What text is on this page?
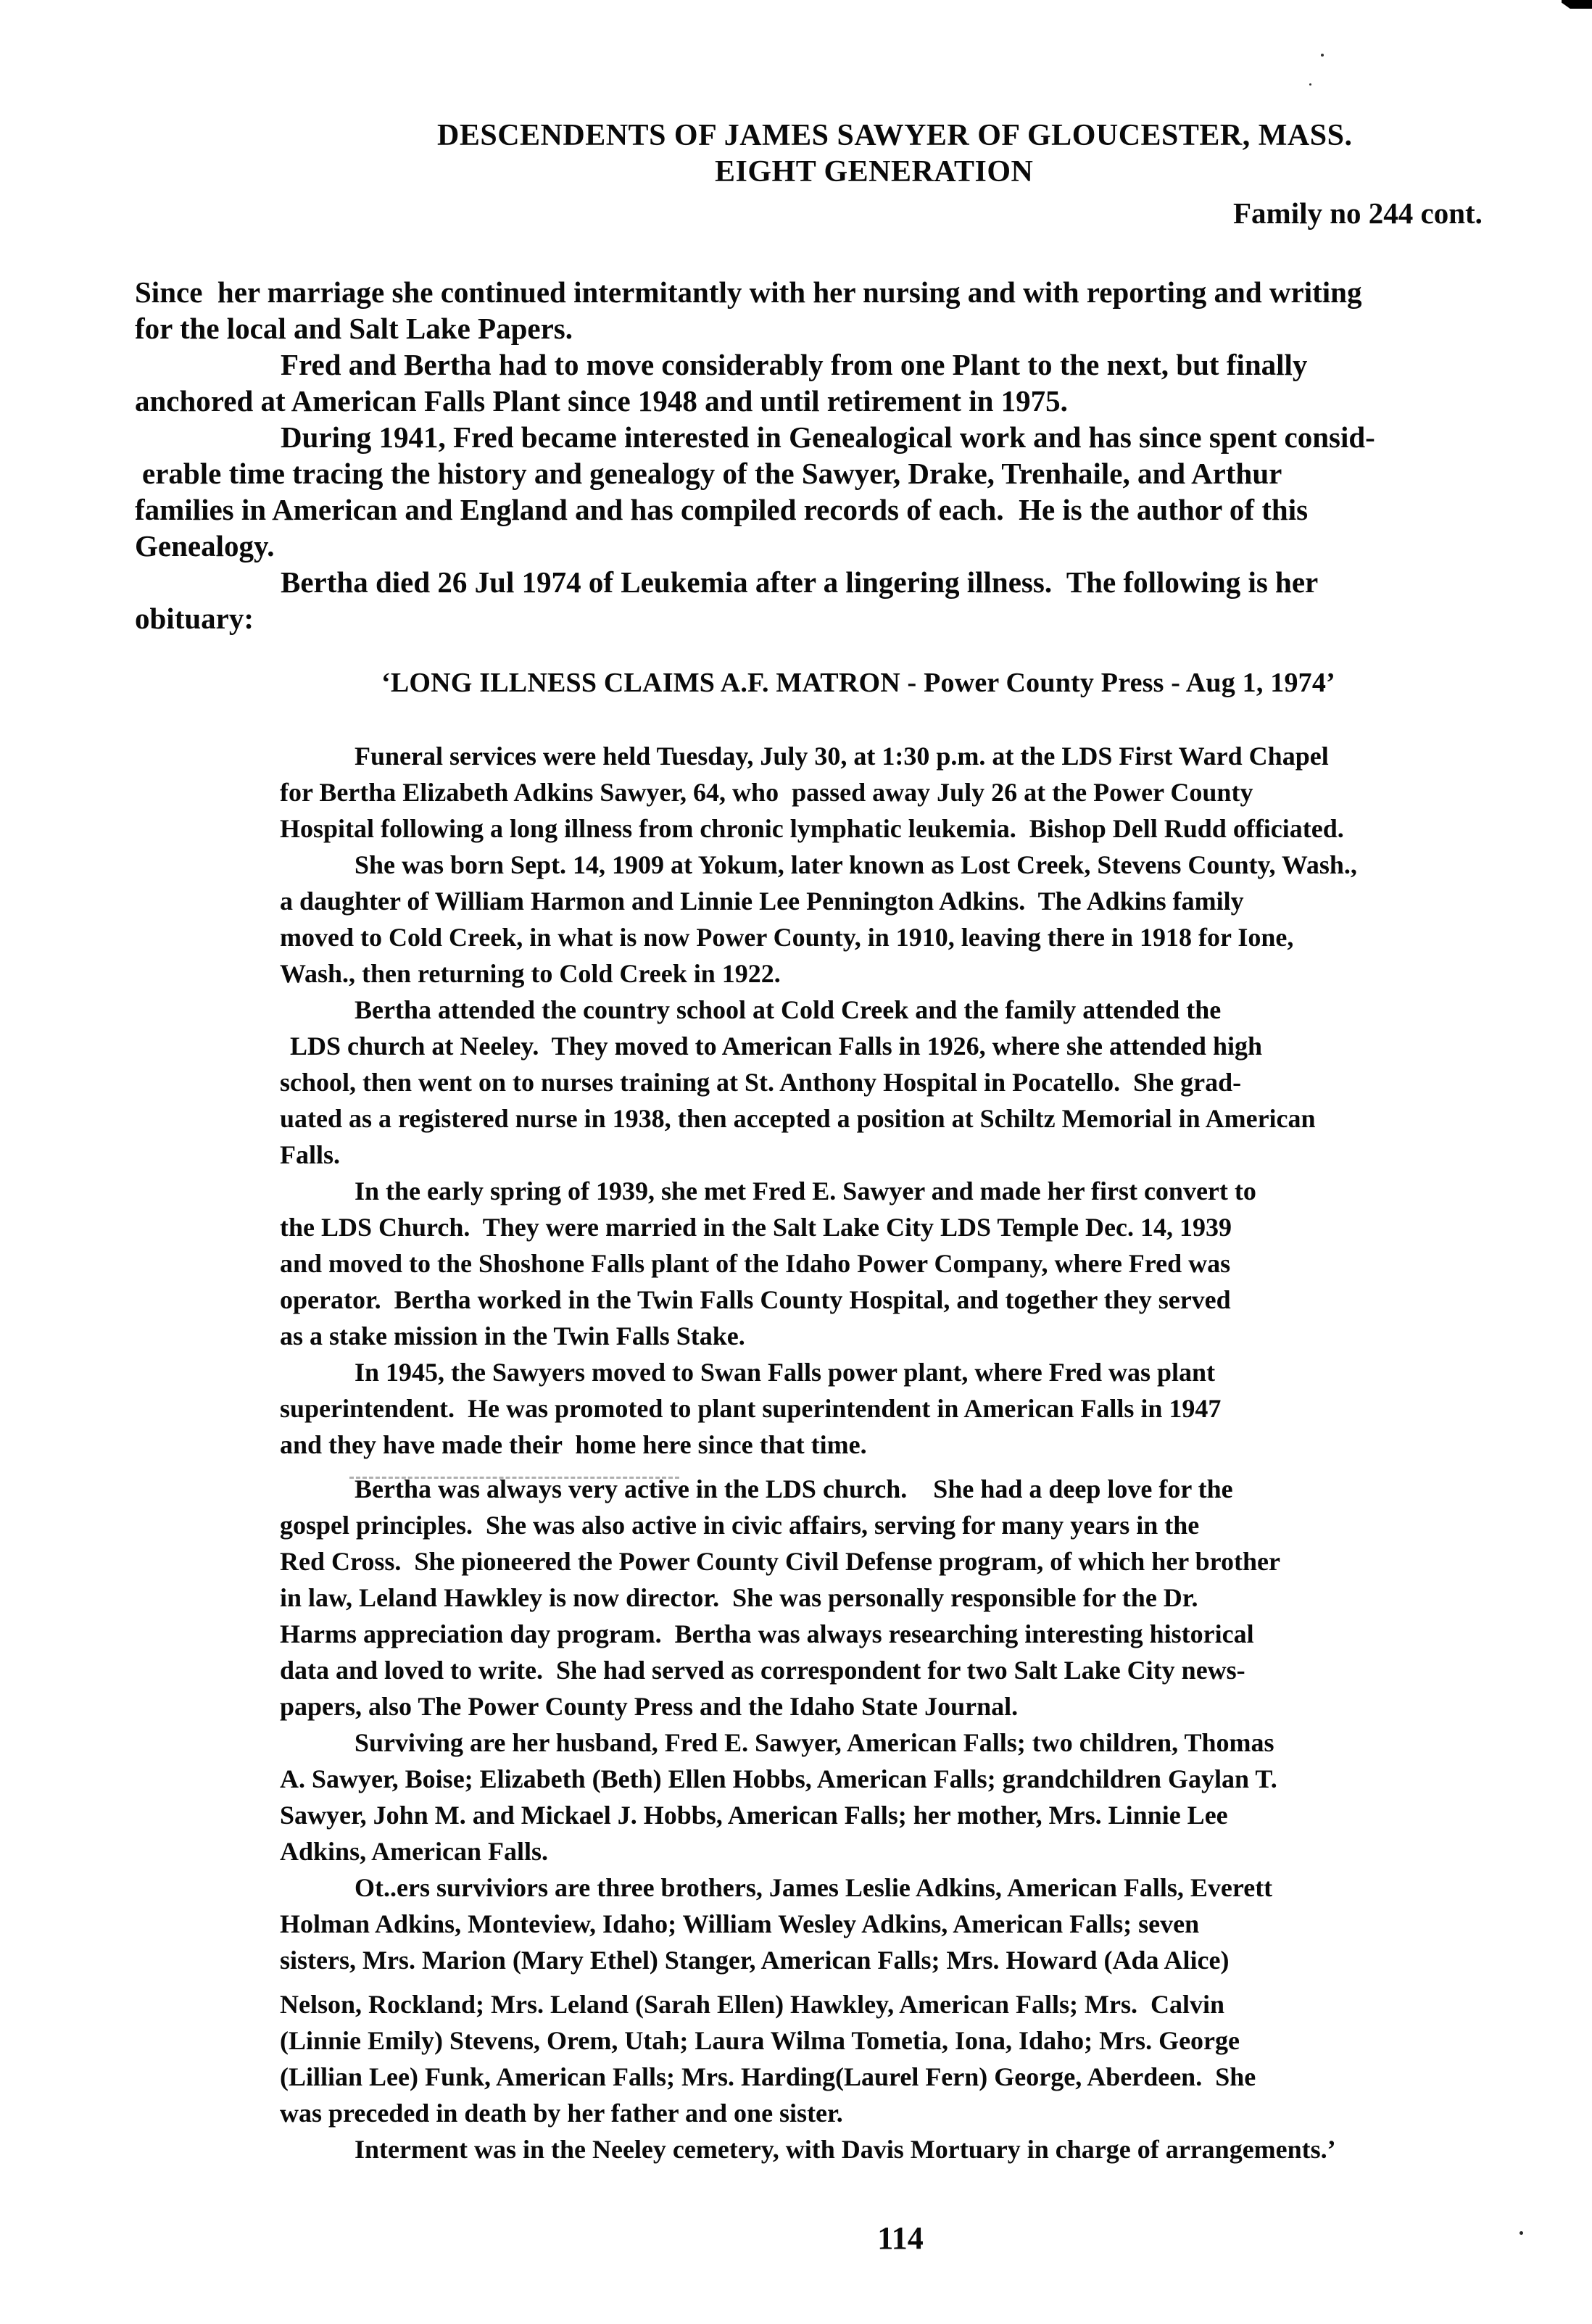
DESCENDENTS OF JAMES SAWYER OF GLOUCESTER, MASS.
EIGHT GENERATION
Family no 244 cont.
Since  her marriage she continued intermitantly with her nursing and with reporting and writing
for the local and Salt Lake Papers.
Fred and Bertha had to move considerably from one Plant to the next, but finally
anchored at American Falls Plant since 1948 and until retirement in 1975.
During 1941, Fred became interested in Genealogical work and has since spent consid-
erable time tracing the history and genealogy of the Sawyer, Drake, Trenhaile, and Arthur
families in American and England and has compiled records of each.  He is the author of this
Genealogy.
Bertha died 26 Jul 1974 of Leukemia after a lingering illness.  The following is her
obituary:
‘LONG ILLNESS CLAIMS A.F. MATRON - Power County Press - Aug 1, 1974’
Funeral services were held Tuesday, July 30, at 1:30 p.m. at the LDS First Ward Chapel
for Bertha Elizabeth Adkins Sawyer, 64, who  passed away July 26 at the Power County
Hospital following a long illness from chronic lymphatic leukemia.  Bishop Dell Rudd officiated.
She was born Sept. 14, 1909 at Yokum, later known as Lost Creek, Stevens County, Wash.,
a daughter of William Harmon and Linnie Lee Pennington Adkins.  The Adkins family
moved to Cold Creek, in what is now Power County, in 1910, leaving there in 1918 for Ione,
Wash., then returning to Cold Creek in 1922.
Bertha attended the country school at Cold Creek and the family attended the
LDS church at Neeley.  They moved to American Falls in 1926, where she attended high
school, then went on to nurses training at St. Anthony Hospital in Pocatello.  She grad-
uated as a registered nurse in 1938, then accepted a position at Schiltz Memorial in American
Falls.
In the early spring of 1939, she met Fred E. Sawyer and made her first convert to
the LDS Church.  They were married in the Salt Lake City LDS Temple Dec. 14, 1939
and moved to the Shoshone Falls plant of the Idaho Power Company, where Fred was
operator.  Bertha worked in the Twin Falls County Hospital, and together they served
as a stake mission in the Twin Falls Stake.
In 1945, the Sawyers moved to Swan Falls power plant, where Fred was plant
superintendent.  He was promoted to plant superintendent in American Falls in 1947
and they have made their  home here since that time.
Bertha was always very active in the LDS church.    She had a deep love for the
gospel principles.  She was also active in civic affairs, serving for many years in the
Red Cross.  She pioneered the Power County Civil Defense program, of which her brother
in law, Leland Hawkley is now director.  She was personally responsible for the Dr.
Harms appreciation day program.  Bertha was always researching interesting historical
data and loved to write.  She had served as correspondent for two Salt Lake City news-
papers, also The Power County Press and the Idaho State Journal.
Surviving are her husband, Fred E. Sawyer, American Falls; two children, Thomas
A. Sawyer, Boise; Elizabeth (Beth) Ellen Hobbs, American Falls; grandchildren Gaylan T.
Sawyer, John M. and Mickael J. Hobbs, American Falls; her mother, Mrs. Linnie Lee
Adkins, American Falls.
Ot..ers surviviors are three brothers, James Leslie Adkins, American Falls, Everett
Holman Adkins, Monteview, Idaho; William Wesley Adkins, American Falls; seven
sisters, Mrs. Marion (Mary Ethel) Stanger, American Falls; Mrs. Howard (Ada Alice)
Nelson, Rockland; Mrs. Leland (Sarah Ellen) Hawkley, American Falls; Mrs.  Calvin
(Linnie Emily) Stevens, Orem, Utah; Laura Wilma Tometia, Iona, Idaho; Mrs. George
(Lillian Lee) Funk, American Falls; Mrs. Harding(Laurel Fern) George, Aberdeen.  She
was preceded in death by her father and one sister.
Interment was in the Neeley cemetery, with Davis Mortuary in charge of arrangements.’
114
